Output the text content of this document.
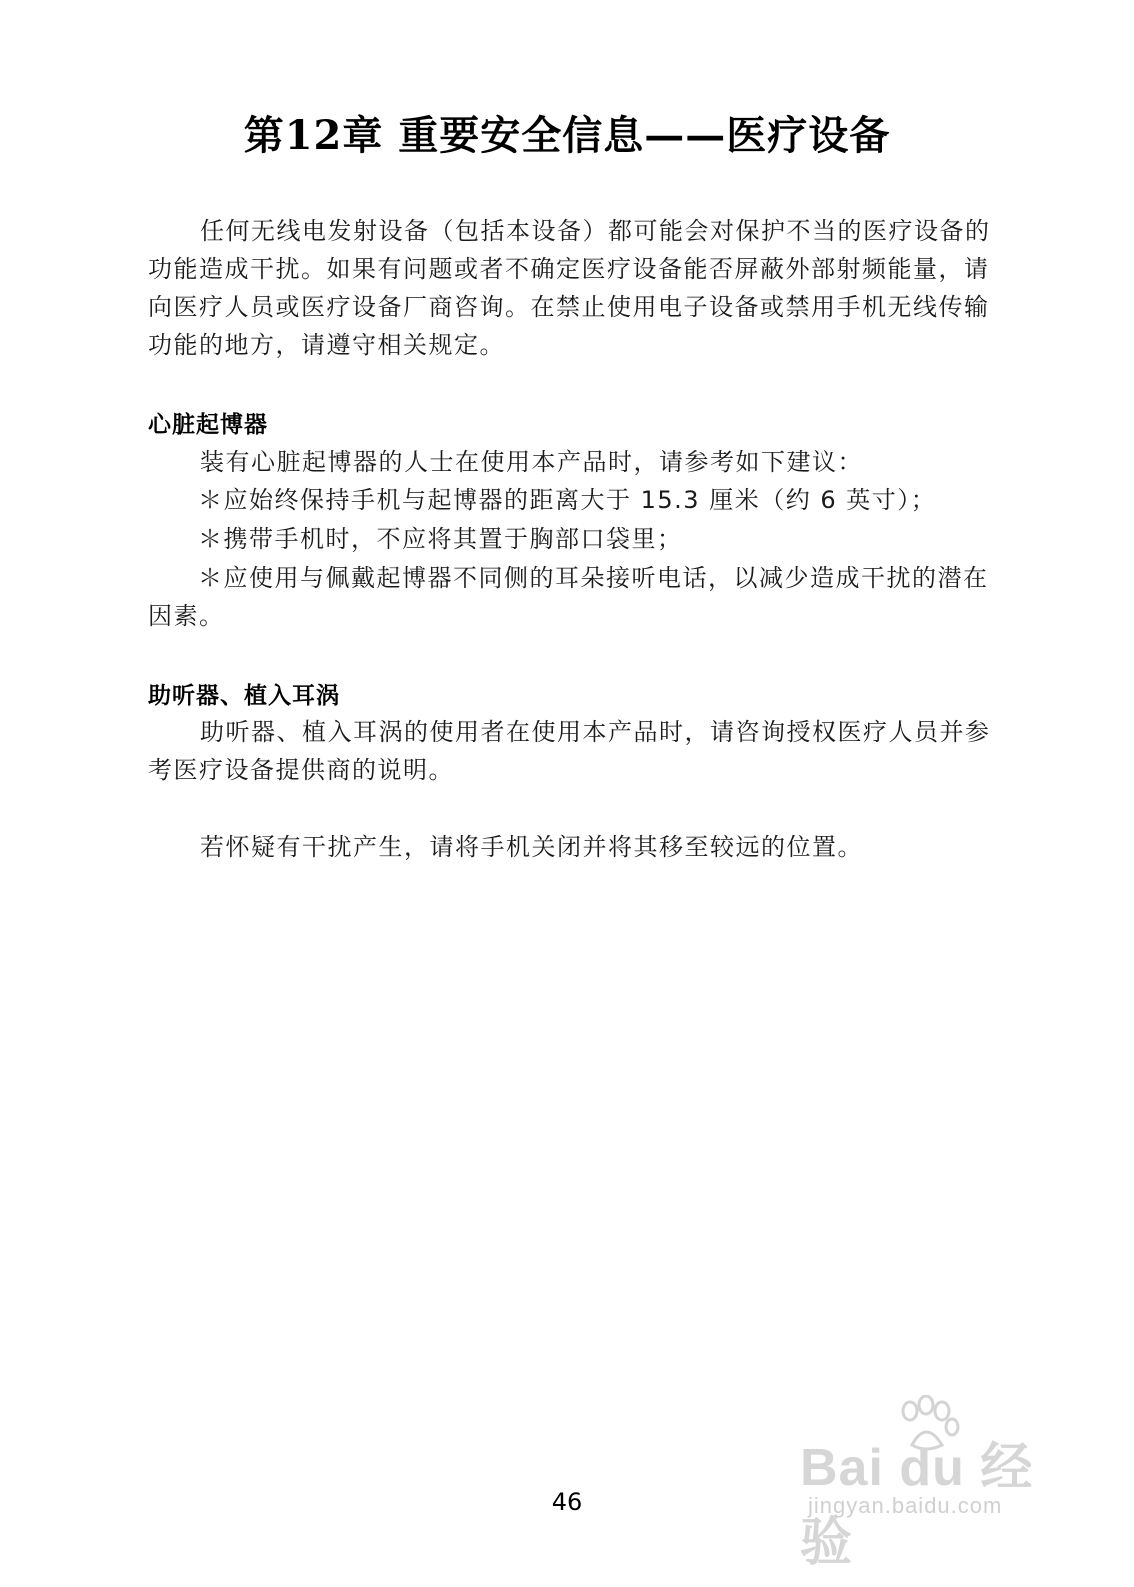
第12章 重要安全信息——医疗设备
任何无线电发射设备（包括本设备）都可能会对保护不当的医疗设备的功能造成干扰。如果有问题或者不确定医疗设备能否屏蔽外部射频能量，请向医疗人员或医疗设备厂商咨询。在禁止使用电子设备或禁用手机无线传输功能的地方，请遵守相关规定。
心脏起博器
装有心脏起博器的人士在使用本产品时，请参考如下建议：
＊应始终保持手机与起博器的距离大于 15.3 厘米（约 6 英寸）；
＊携带手机时，不应将其置于胸部口袋里；
＊应使用与佩戴起博器不同侧的耳朵接听电话，以减少造成干扰的潜在因素。
助听器、植入耳涡
助听器、植入耳涡的使用者在使用本产品时，请咨询授权医疗人员并参考医疗设备提供商的说明。
若怀疑有干扰产生，请将手机关闭并将其移至较远的位置。
46
Bai du 经验
jingyan.baidu.com
